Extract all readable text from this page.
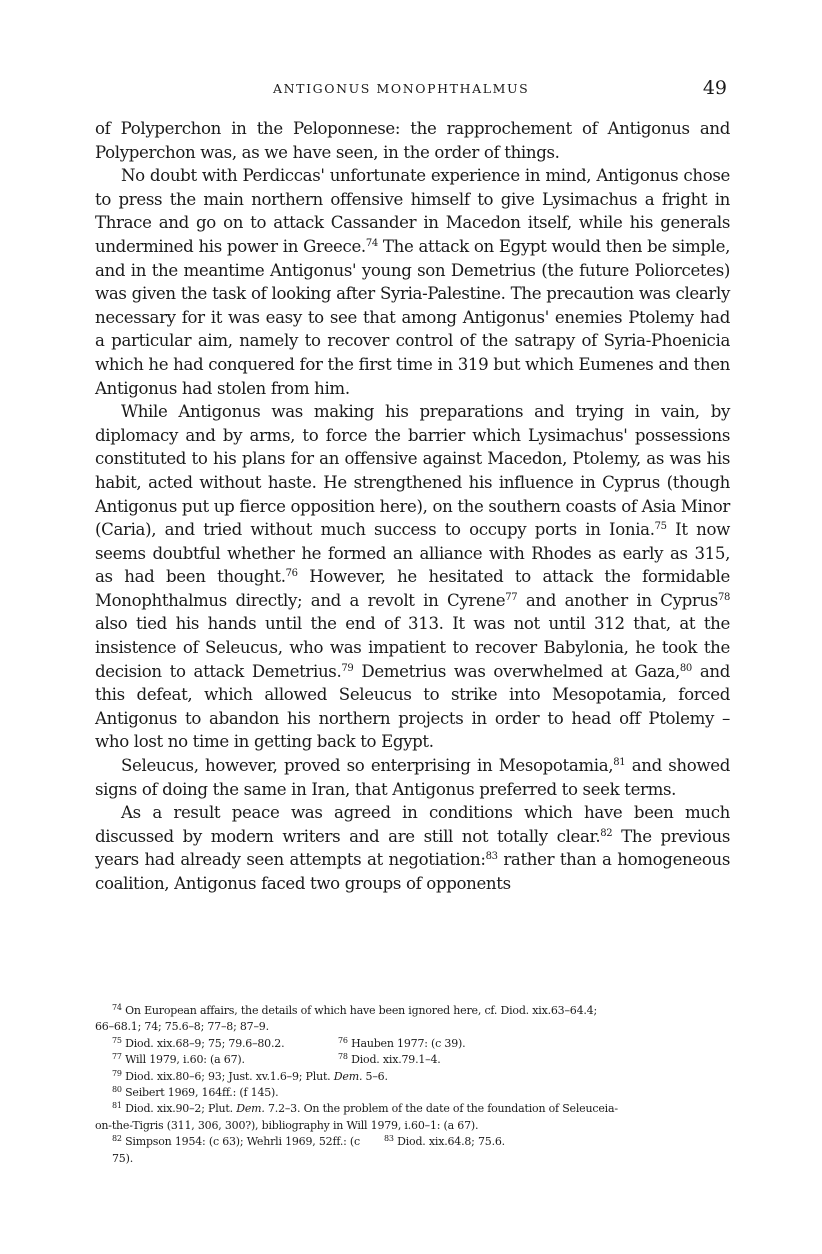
ANTIGONUS MONOPHTHALMUS	49

of Polyperchon in the Peloponnese: the rapprochement of Antigonus and Polyperchon was, as we have seen, in the order of things.

No doubt with Perdiccas' unfortunate experience in mind, Antigonus chose to press the main northern offensive himself to give Lysimachus a fright in Thrace and go on to attack Cassander in Macedon itself, while his generals undermined his power in Greece.$^{74}$ The attack on Egypt would then be simple, and in the meantime Antigonus' young son Demetrius (the future Poliorcetes) was given the task of looking after Syria-Palestine. The precaution was clearly necessary for it was easy to see that among Antigonus' enemies Ptolemy had a particular aim, namely to recover control of the satrapy of Syria-Phoenicia which he had conquered for the first time in 319 but which Eumenes and then Antigonus had stolen from him.

While Antigonus was making his preparations and trying in vain, by diplomacy and by arms, to force the barrier which Lysimachus' possessions constituted to his plans for an offensive against Macedon, Ptolemy, as was his habit, acted without haste. He strengthened his influence in Cyprus (though Antigonus put up fierce opposition here), on the southern coasts of Asia Minor (Caria), and tried without much success to occupy ports in Ionia.$^{75}$ It now seems doubtful whether he formed an alliance with Rhodes as early as 315, as had been thought.$^{76}$ However, he hesitated to attack the formidable Monophthalmus directly; and a revolt in Cyrene$^{77}$ and another in Cyprus$^{78}$ also tied his hands until the end of 313. It was not until 312 that, at the insistence of Seleucus, who was impatient to recover Babylonia, he took the decision to attack Demetrius.$^{79}$ Demetrius was overwhelmed at Gaza,$^{80}$ and this defeat, which allowed Seleucus to strike into Mesopotamia, forced Antigonus to abandon his northern projects in order to head off Ptolemy – who lost no time in getting back to Egypt.

Seleucus, however, proved so enterprising in Mesopotamia,$^{81}$ and showed signs of doing the same in Iran, that Antigonus preferred to seek terms.

As a result peace was agreed in conditions which have been much discussed by modern writers and are still not totally clear.$^{82}$ The previous years had already seen attempts at negotiation:$^{83}$ rather than a homogeneous coalition, Antigonus faced two groups of opponents

$^{74}$ On European affairs, the details of which have been ignored here, cf. Diod. xix.63–64.4;
66–68.1; 74; 75.6–8; 77–8; 87–9.
$^{75}$ Diod. xix.68–9; 75; 79.6–80.2.	$^{76}$ Hauben 1977: (c 39).
$^{77}$ Will 1979, i.60: (a 67).	$^{78}$ Diod. xix.79.1–4.
$^{79}$ Diod. xix.80–6; 93; Just. xv.1.6–9; Plut. Dem. 5–6.
$^{80}$ Seibert 1969, 164ff.: (f 145).
$^{81}$ Diod. xix.90–2; Plut. Dem. 7.2–3. On the problem of the date of the foundation of Seleuceia-
on-the-Tigris (311, 306, 300?), bibliography in Will 1979, i.60–1: (a 67).
$^{82}$ Simpson 1954: (c 63); Wehrli 1969, 52ff.: (c 75).
$^{83}$ Diod. xix.64.8; 75.6.
